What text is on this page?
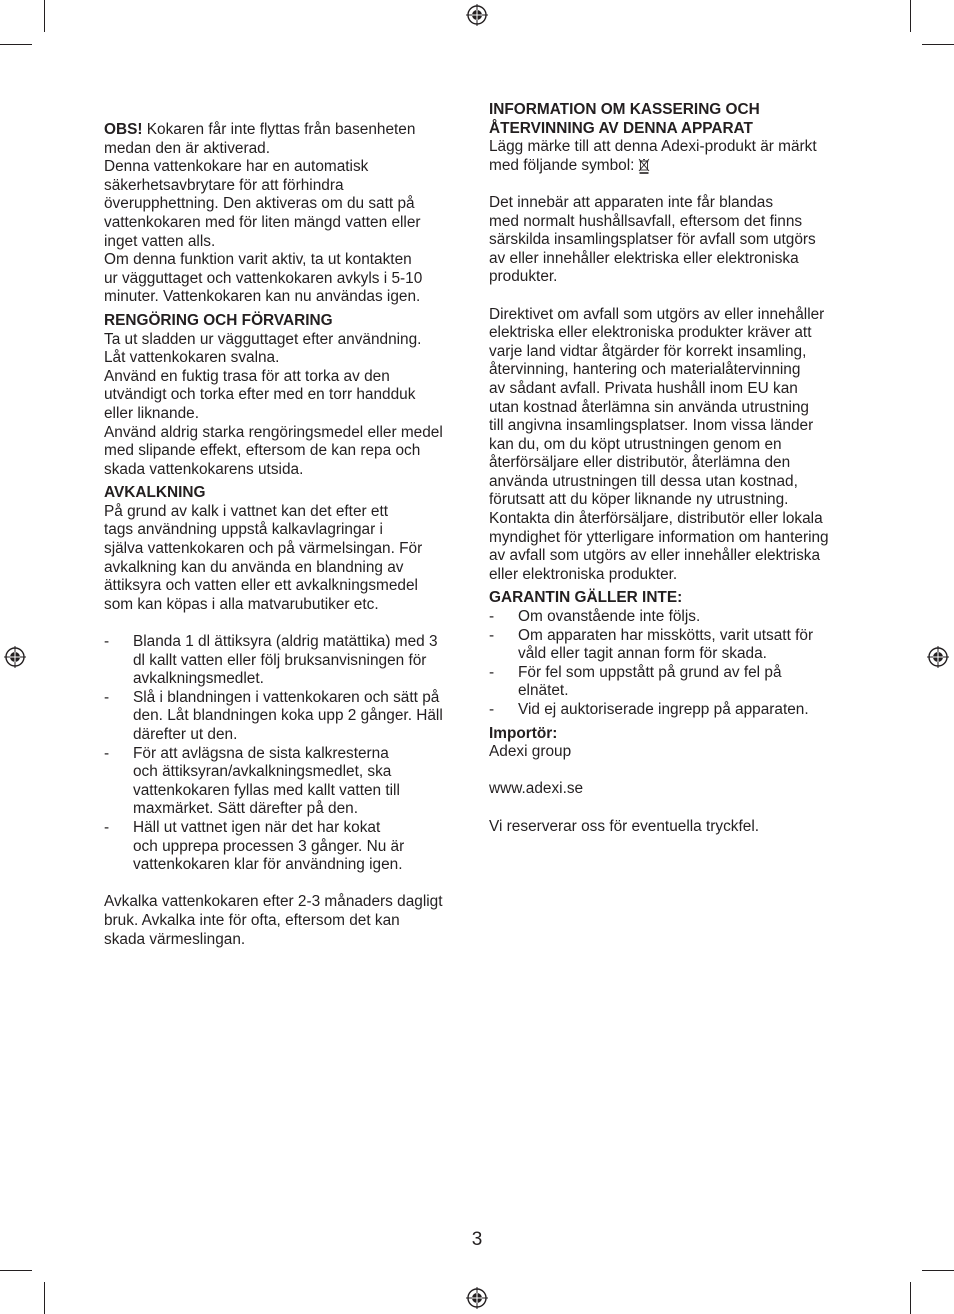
OBS! Kokaren får inte flyttas från basenheten
medan den är aktiverad.
Denna vattenkokare har en automatisk
säkerhetsavbrytare för att förhindra
överupphettning. Den aktiveras om du satt på
vattenkokaren med för liten mängd vatten eller
inget vatten alls.
Om denna funktion varit aktiv, ta ut kontakten
ur vägguttaget och vattenkokaren avkyls i 5-10
minuter. Vattenkokaren kan nu användas igen.

RENGÖRING OCH FÖRVARING

Ta ut sladden ur vägguttaget efter användning.
Låt vattenkokaren svalna.
Använd en fuktig trasa för att torka av den
utvändigt och torka efter med en torr handduk
eller liknande.
Använd aldrig starka rengöringsmedel eller medel
med slipande effekt, eftersom de kan repa och
skada vattenkokarens utsida.

AVKALKNING

På grund av kalk i vattnet kan det efter ett
tags användning uppstå kalkavlagringar i
själva vattenkokaren och på värmelsingan. För
avkalkning kan du använda en blandning av
ättiksyra och vatten eller ett avkalkningsmedel
som kan köpas i alla matvarubutiker etc.

- Blanda 1 dl ättiksyra (aldrig matättika) med 3
dl kallt vatten eller följ bruksanvisningen för
avkalkningsmedlet.
- Slå i blandningen i vattenkokaren och sätt på
den. Låt blandningen koka upp 2 gånger. Häll
därefter ut den.
- För att avlägsna de sista kalkresterna
och ättiksyran/avkalkningsmedlet, ska
vattenkokaren fyllas med kallt vatten till
maxmärket. Sätt därefter på den.
- Häll ut vattnet igen när det har kokat
och upprepa processen 3 gånger. Nu är
vattenkokaren klar för användning igen.

Avkalka vattenkokaren efter 2-3 månaders dagligt
bruk. Avkalka inte för ofta, eftersom det kan
skada värmeslingan.

INFORMATION OM KASSERING OCH
ÅTERVINNING AV DENNA APPARAT

Lägg märke till att denna Adexi-produkt är märkt
med följande symbol:

Det innebär att apparaten inte får blandas
med normalt hushållsavfall, eftersom det finns
särskilda insamlingsplatser för avfall som utgörs
av eller innehåller elektriska eller elektroniska
produkter.

Direktivet om avfall som utgörs av eller innehåller
elektriska eller elektroniska produkter kräver att
varje land vidtar åtgärder för korrekt insamling,
återvinning, hantering och materialåtervinning
av sådant avfall. Privata hushåll inom EU kan
utan kostnad återlämna sin använda utrustning
till angivna insamlingsplatser. Inom vissa länder
kan du, om du köpt utrustningen genom en
återförsäljare eller distributör, återlämna den
använda utrustningen till dessa utan kostnad,
förutsatt att du köper liknande ny utrustning.
Kontakta din återförsäljare, distributör eller lokala
myndighet för ytterligare information om hantering
av avfall som utgörs av eller innehåller elektriska
eller elektroniska produkter.

GARANTIN GÄLLER INTE:

- Om ovanstående inte följs.
- Om apparaten har misskötts, varit utsatt för
våld eller tagit annan form för skada.
- För fel som uppstått på grund av fel på
elnätet.
- Vid ej auktoriserade ingrepp på apparaten.

Importör:

Adexi group

www.adexi.se

Vi reserverar oss för eventuella tryckfel.

3
